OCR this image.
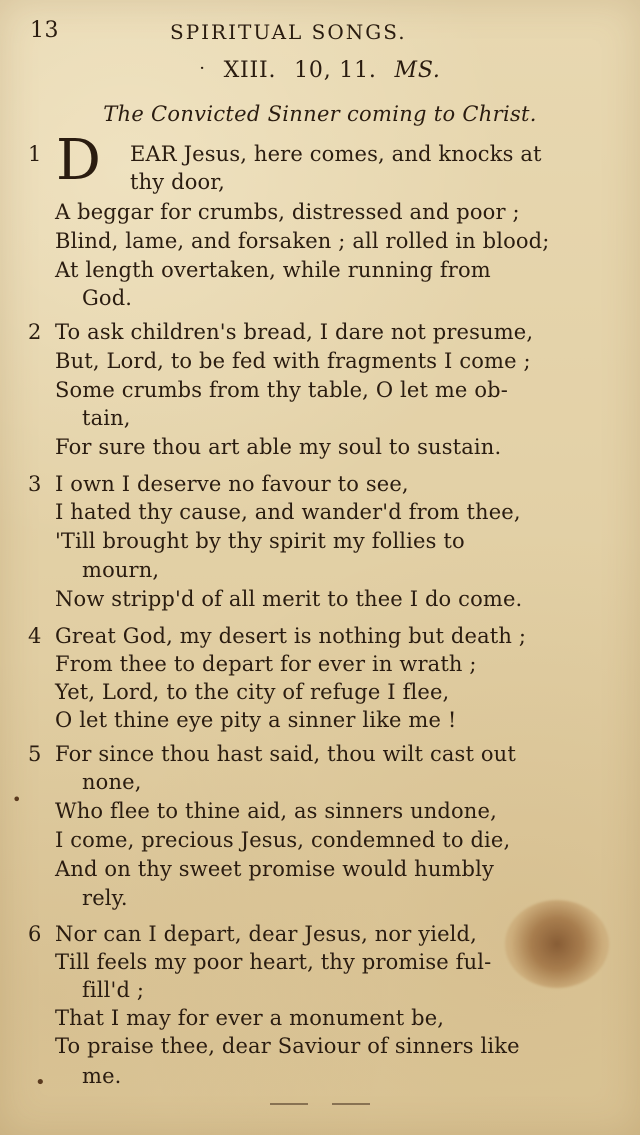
13	SPIRITUAL SONGS.
· XIII. 10, 11. MS.
The Convicted Sinner coming to Christ.
1 D EAR Jesus, here comes, and knocks at
thy door,
A beggar for crumbs, distressed and poor ;
Blind, lame, and forsaken ; all rolled in blood;
At length overtaken, while running from
God.
2 To ask children's bread, I dare not presume,
But, Lord, to be fed with fragments I come ;
Some crumbs from thy table, O let me ob-
tain,
For sure thou art able my soul to sustain.
3 I own I deserve no favour to see,
I hated thy cause, and wander'd from thee,
'Till brought by thy spirit my follies to
mourn,
Now stripp'd of all merit to thee I do come.
4 Great God, my desert is nothing but death ;
From thee to depart for ever in wrath ;
Yet, Lord, to the city of refuge I flee,
O let thine eye pity a sinner like me !
5 For since thou hast said, thou wilt cast out
none,
• Who flee to thine aid, as sinners undone,
I come, precious Jesus, condemned to die,
And on thy sweet promise would humbly
rely.
6 Nor can I depart, dear Jesus, nor yield,
Till feels my poor heart, thy promise ful-
fill'd ;
That I may for ever a monument be,
To praise thee, dear Saviour of sinners like
me.
•
